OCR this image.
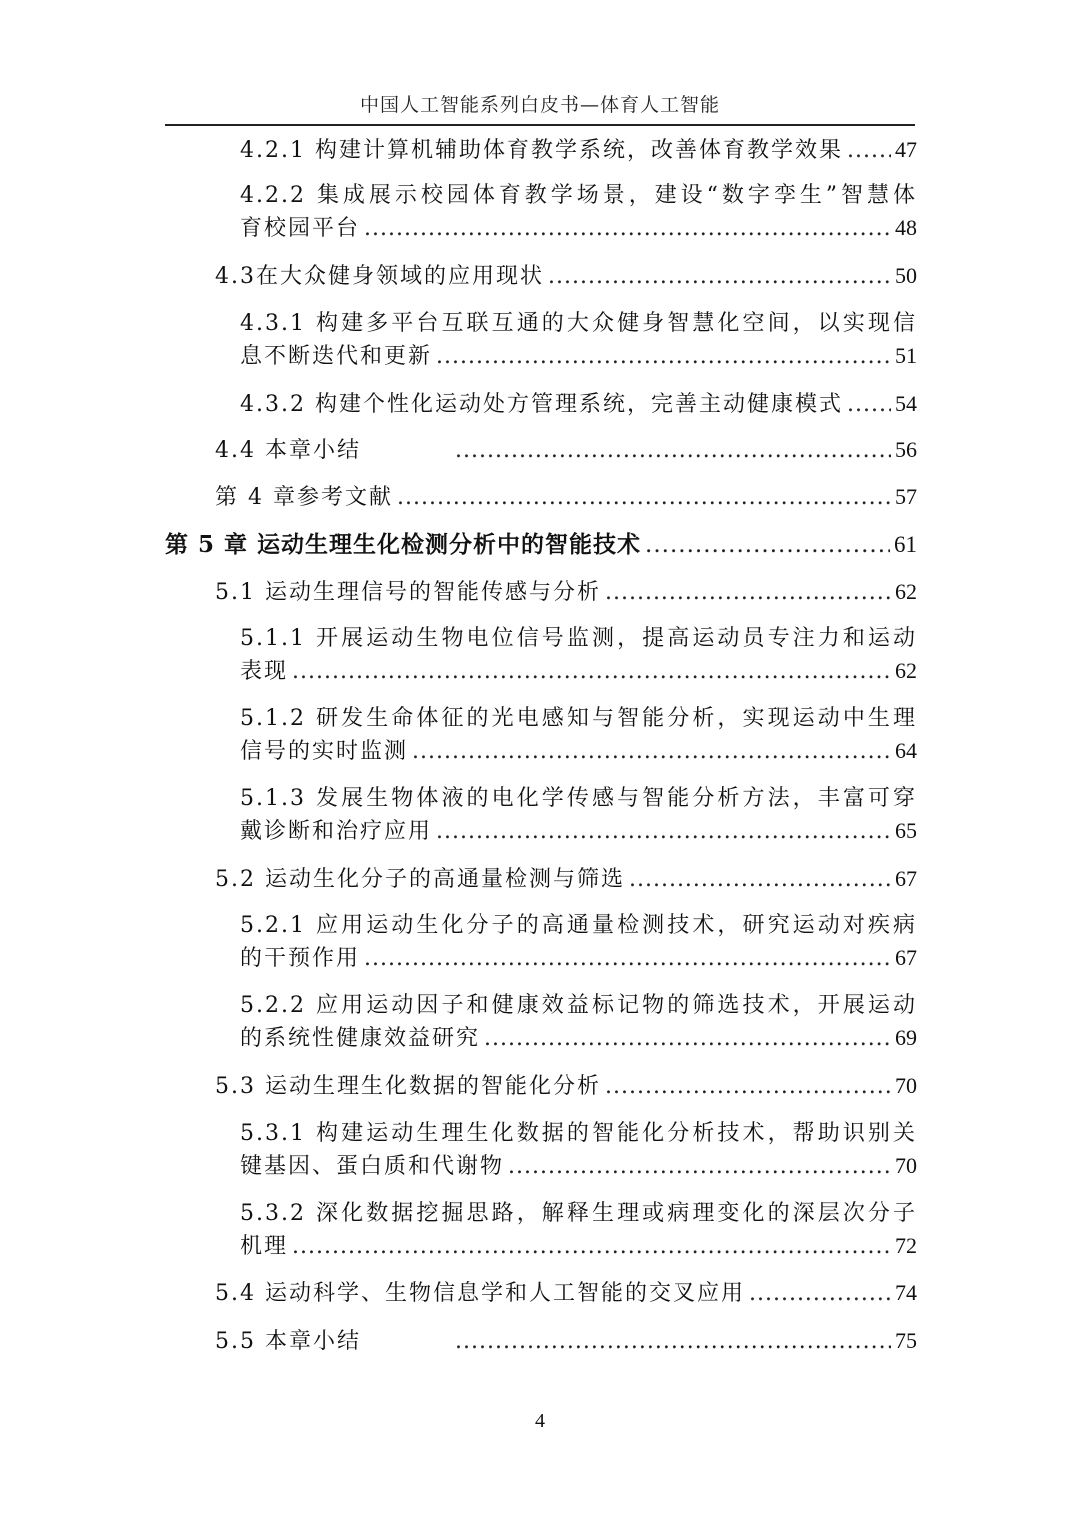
中国人工智能系列白皮书—体育人工智能
4.2.1 构建计算机辅助体育教学系统，改善体育教学效果 ..... 47
4.2.2 集成展示校园体育教学场景，建设“数字孪生”智慧体
育校园平台 .....	48
4.3在大众健身领域的应用现状 .....	50
4.3.1 构建多平台互联互通的大众健身智慧化空间，以实现信
息不断迭代和更新 .....	51
4.3.2 构建个性化运动处方管理系统，完善主动健康模式 ..... 54
4.4 本章小结 .....	56
第 4 章参考文献 .....	57
第 5 章 运动生理生化检测分析中的智能技术 .....	61
5.1 运动生理信号的智能传感与分析 .....	62
5.1.1 开展运动生物电位信号监测，提高运动员专注力和运动
表现 .....	62
5.1.2 研发生命体征的光电感知与智能分析，实现运动中生理
信号的实时监测 .....	64
5.1.3 发展生物体液的电化学传感与智能分析方法，丰富可穿
戴诊断和治疗应用 .....	65
5.2 运动生化分子的高通量检测与筛选 .....	67
5.2.1 应用运动生化分子的高通量检测技术，研究运动对疾病
的干预作用 .....	67
5.2.2 应用运动因子和健康效益标记物的筛选技术，开展运动
的系统性健康效益研究 .....	69
5.3 运动生理生化数据的智能化分析 .....	70
5.3.1 构建运动生理生化数据的智能化分析技术，帮助识别关
键基因、蛋白质和代谢物 .....	70
5.3.2 深化数据挖掘思路，解释生理或病理变化的深层次分子
机理 .....	72
5.4 运动科学、生物信息学和人工智能的交叉应用 .....	74
5.5 本章小结 .....	75
4
